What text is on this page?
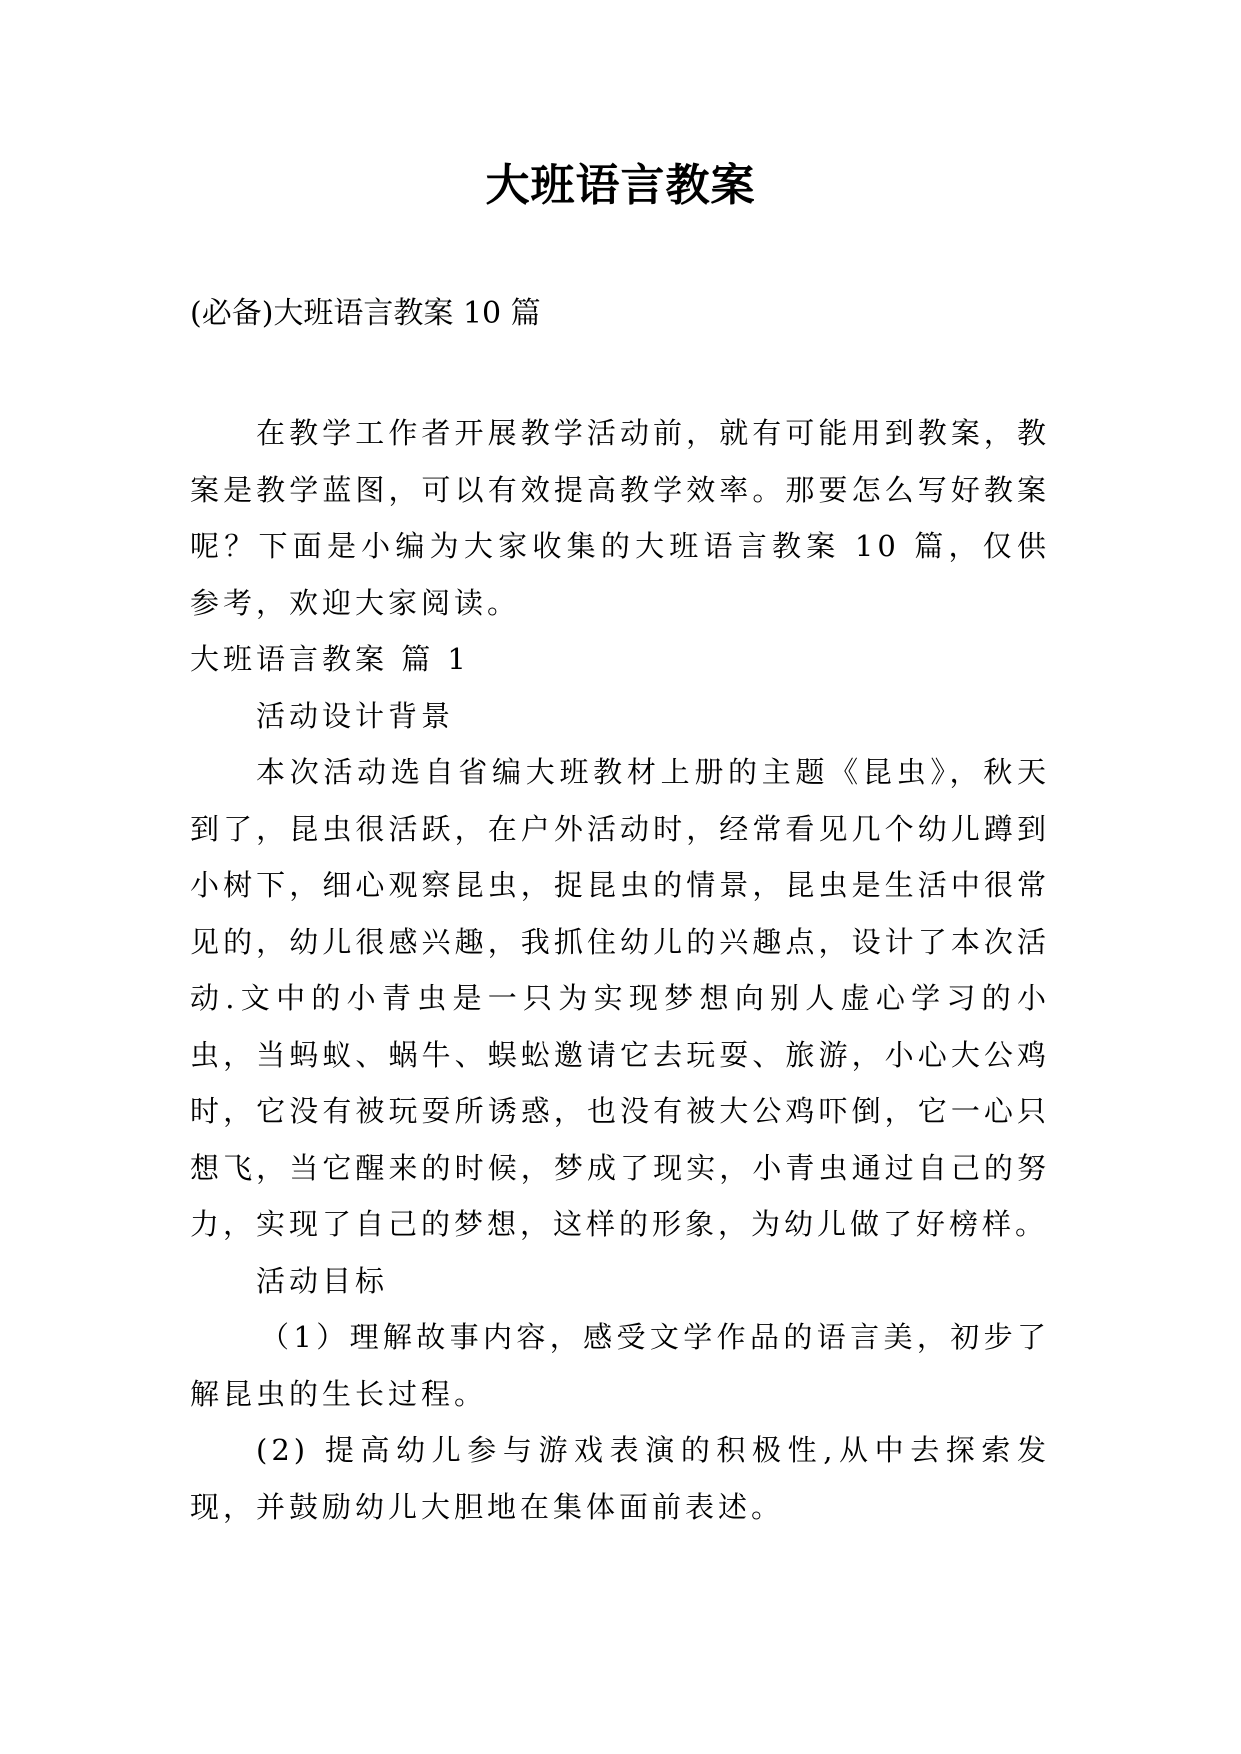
大班语言教案
(必备)大班语言教案 10 篇

在教学工作者开展教学活动前，就有可能用到教案，教案是教学蓝图，可以有效提高教学效率。那要怎么写好教案呢？下面是小编为大家收集的大班语言教案 10 篇，仅供参考，欢迎大家阅读。

大班语言教案 篇 1

活动设计背景

本次活动选自省编大班教材上册的主题《昆虫》，秋天到了，昆虫很活跃，在户外活动时，经常看见几个幼儿蹲到小树下，细心观察昆虫，捉昆虫的情景，昆虫是生活中很常见的，幼儿很感兴趣，我抓住幼儿的兴趣点，设计了本次活动.文中的小青虫是一只为实现梦想向别人虚心学习的小虫，当蚂蚁、蜗牛、蜈蚣邀请它去玩耍、旅游，小心大公鸡时，它没有被玩耍所诱惑，也没有被大公鸡吓倒，它一心只想飞，当它醒来的时候，梦成了现实，小青虫通过自己的努力，实现了自己的梦想，这样的形象，为幼儿做了好榜样。

活动目标

（1）理解故事内容，感受文学作品的语言美，初步了解昆虫的生长过程。

(2) 提高幼儿参与游戏表演的积极性,从中去探索发现，并鼓励幼儿大胆地在集体面前表述。
